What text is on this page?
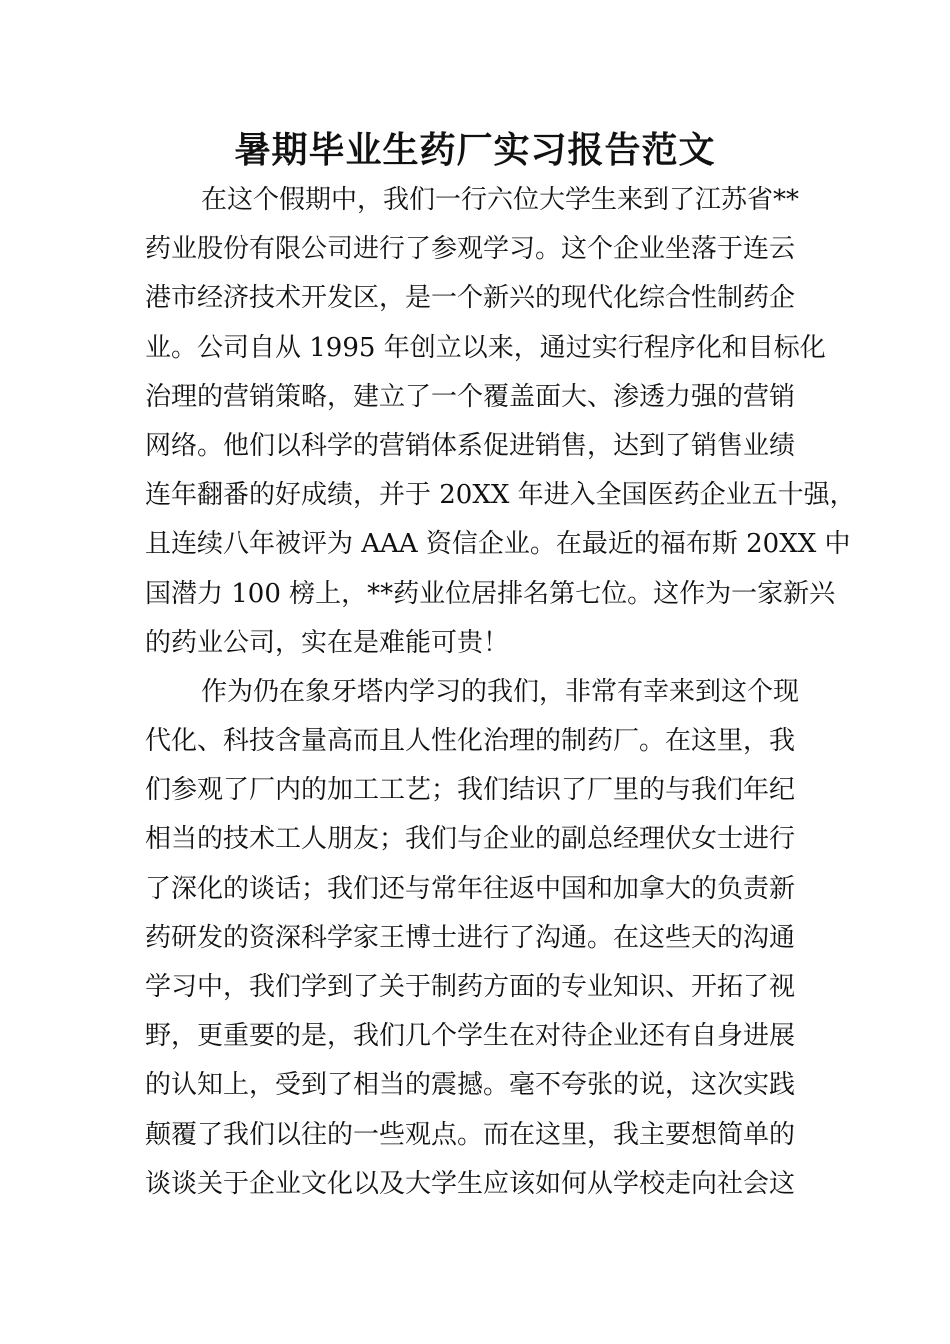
暑期毕业生药厂实习报告范文
在这个假期中，我们一行六位大学生来到了江苏省**
药业股份有限公司进行了参观学习。这个企业坐落于连云
港市经济技术开发区，是一个新兴的现代化综合性制药企
业。公司自从 1995 年创立以来，通过实行程序化和目标化
治理的营销策略，建立了一个覆盖面大、渗透力强的营销
网络。他们以科学的营销体系促进销售，达到了销售业绩
连年翻番的好成绩，并于 20XX 年进入全国医药企业五十强，
且连续八年被评为 AAA 资信企业。在最近的福布斯 20XX 中
国潜力 100 榜上，**药业位居排名第七位。这作为一家新兴
的药业公司，实在是难能可贵！
作为仍在象牙塔内学习的我们，非常有幸来到这个现
代化、科技含量高而且人性化治理的制药厂。在这里，我
们参观了厂内的加工工艺；我们结识了厂里的与我们年纪
相当的技术工人朋友；我们与企业的副总经理伏女士进行
了深化的谈话；我们还与常年往返中国和加拿大的负责新
药研发的资深科学家王博士进行了沟通。在这些天的沟通
学习中，我们学到了关于制药方面的专业知识、开拓了视
野，更重要的是，我们几个学生在对待企业还有自身进展
的认知上，受到了相当的震撼。毫不夸张的说，这次实践
颠覆了我们以往的一些观点。而在这里，我主要想简单的
谈谈关于企业文化以及大学生应该如何从学校走向社会这
